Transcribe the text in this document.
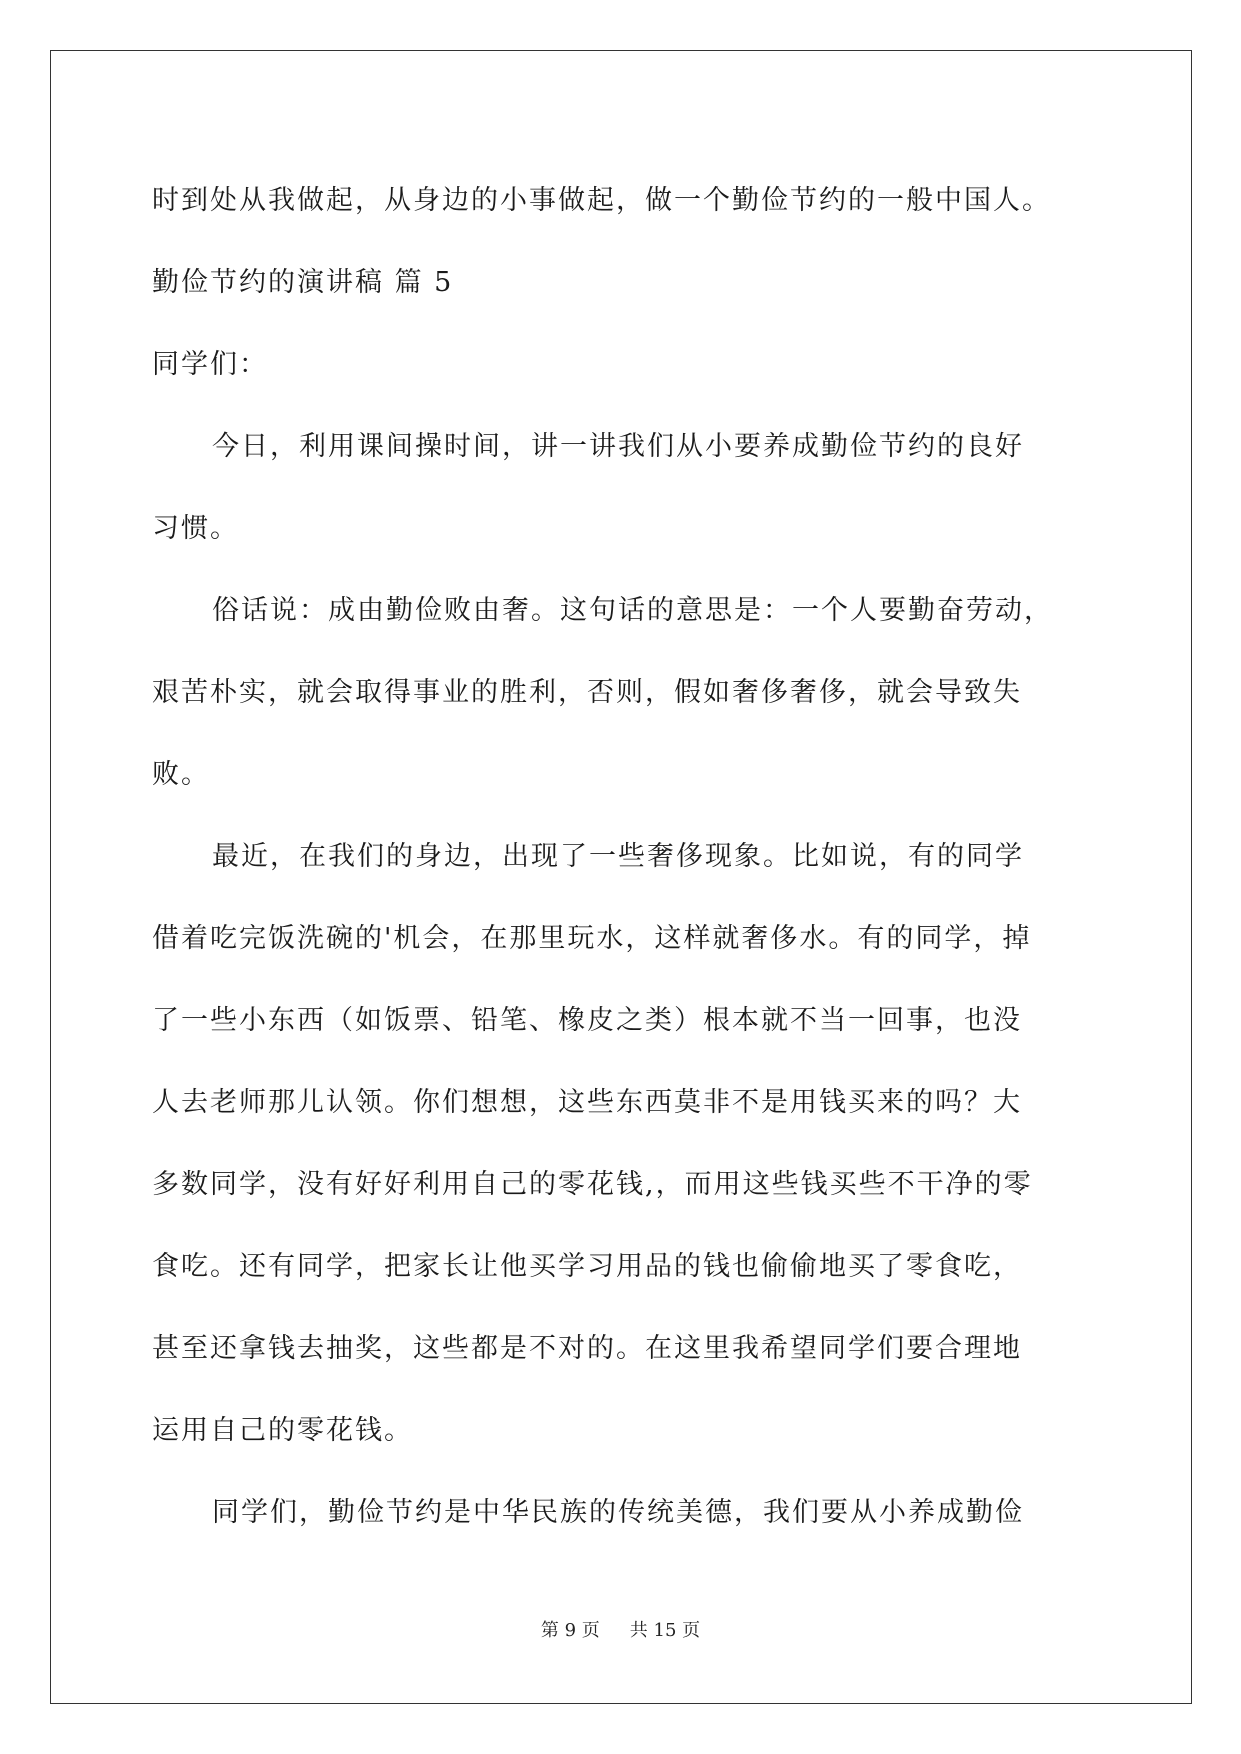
时到处从我做起，从身边的小事做起，做一个勤俭节约的一般中国人。
勤俭节约的演讲稿 篇 5
同学们：
今日，利用课间操时间，讲一讲我们从小要养成勤俭节约的良好
习惯。
俗话说：成由勤俭败由奢。这句话的意思是：一个人要勤奋劳动，
艰苦朴实，就会取得事业的胜利，否则，假如奢侈奢侈，就会导致失
败。
最近，在我们的身边，出现了一些奢侈现象。比如说，有的同学
借着吃完饭洗碗的'机会，在那里玩水，这样就奢侈水。有的同学，掉
了一些小东西（如饭票、铅笔、橡皮之类）根本就不当一回事，也没
人去老师那儿认领。你们想想，这些东西莫非不是用钱买来的吗？大
多数同学，没有好好利用自己的零花钱,，而用这些钱买些不干净的零
食吃。还有同学，把家长让他买学习用品的钱也偷偷地买了零食吃，
甚至还拿钱去抽奖，这些都是不对的。在这里我希望同学们要合理地
运用自己的零花钱。
同学们，勤俭节约是中华民族的传统美德，我们要从小养成勤俭
第 9 页 共 15 页
